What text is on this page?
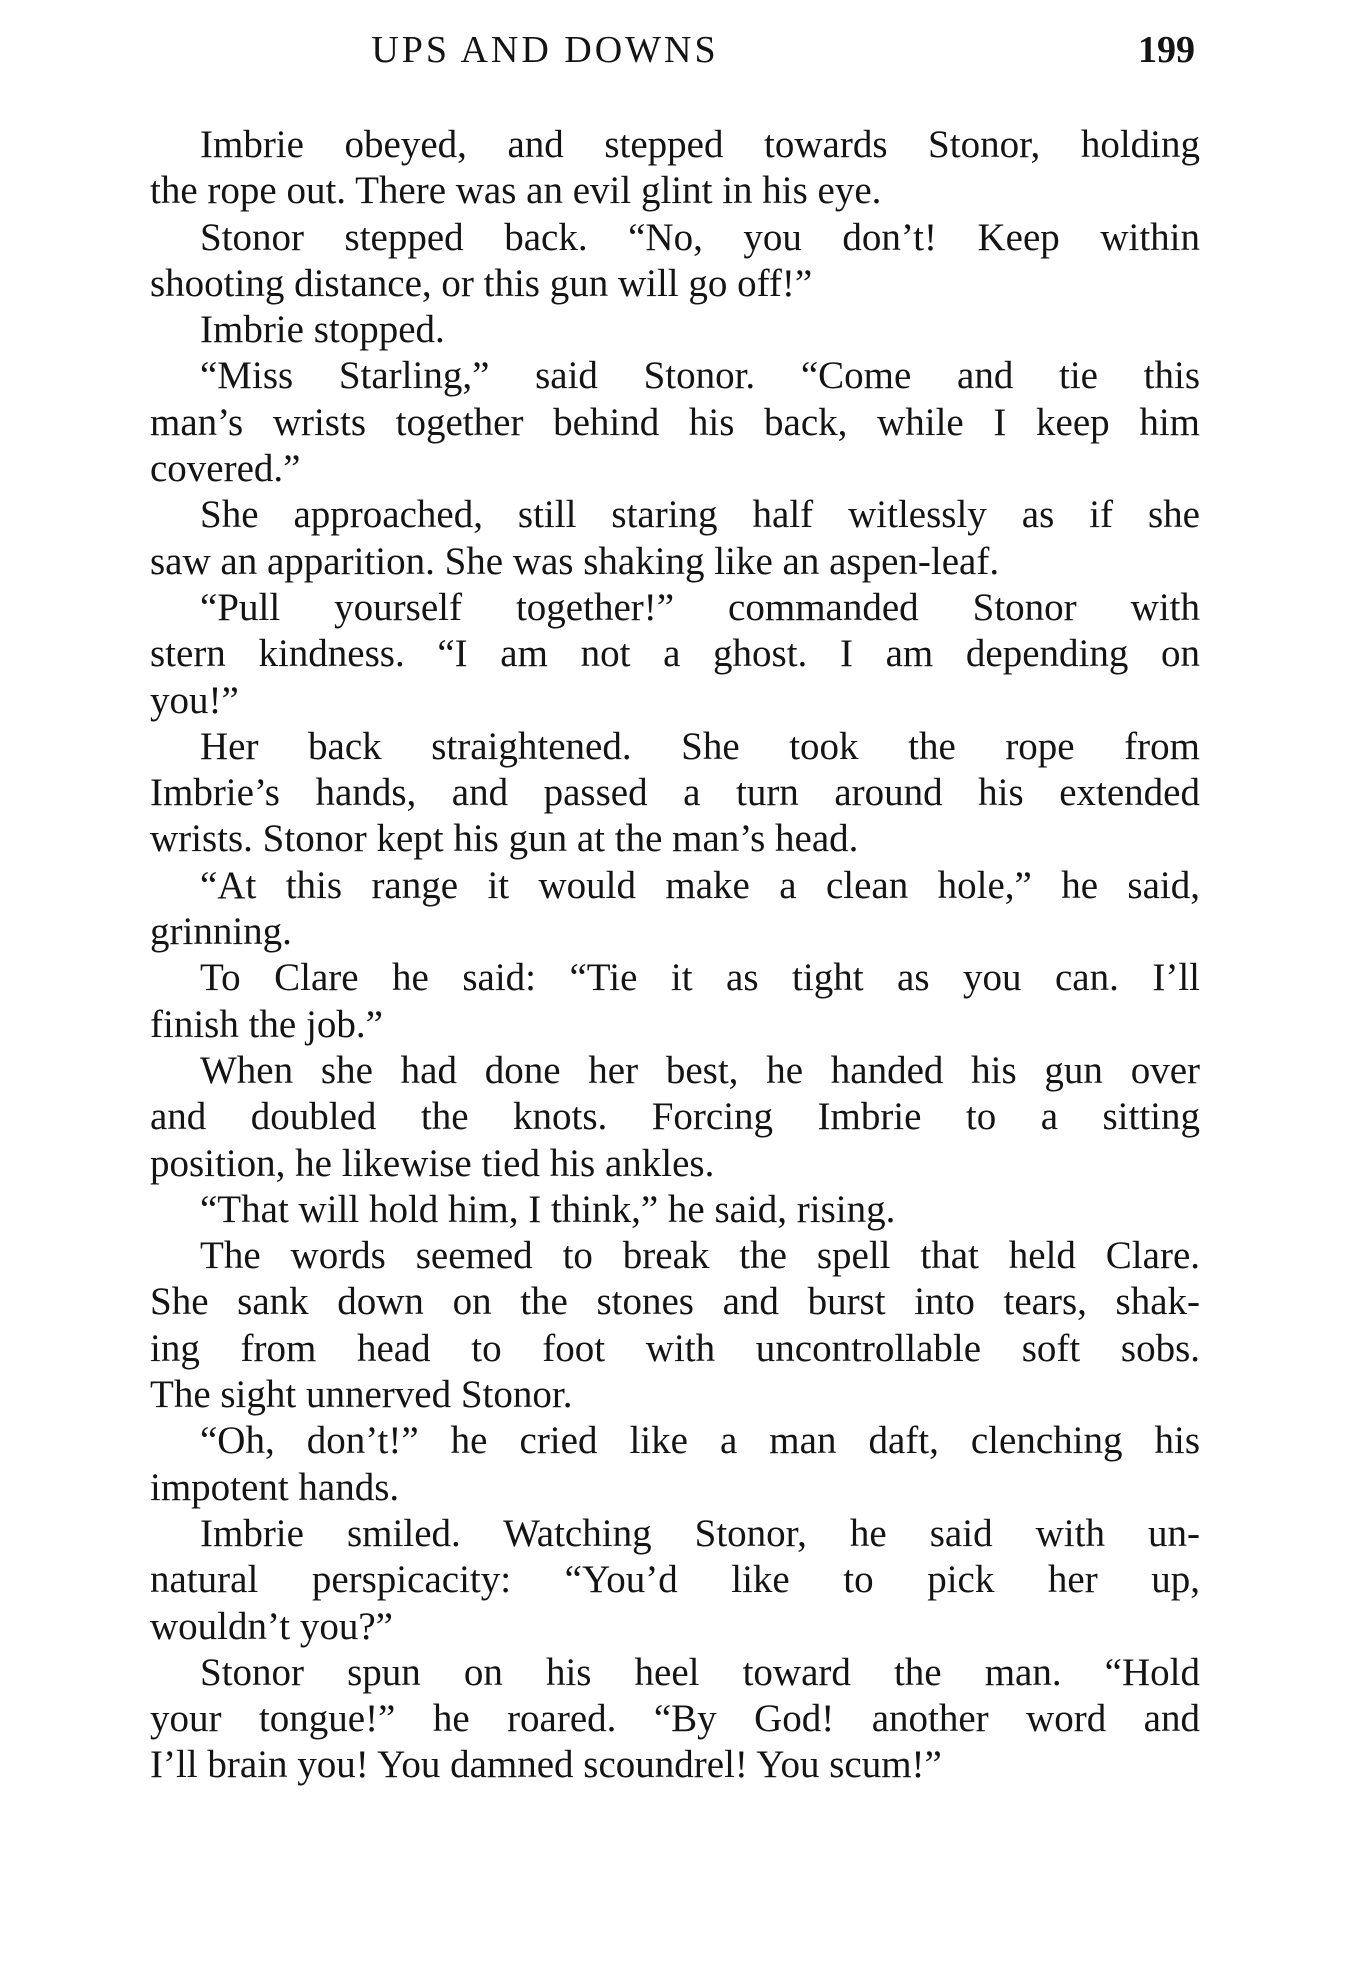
UPS AND DOWNS	199
Imbrie obeyed, and stepped towards Stonor, holding
the rope out. There was an evil glint in his eye.
Stonor stepped back. “No, you don’t! Keep within
shooting distance, or this gun will go off!”
Imbrie stopped.
“Miss Starling,” said Stonor. “Come and tie this
man’s wrists together behind his back, while I keep him
covered.”
She approached, still staring half witlessly as if she
saw an apparition. She was shaking like an aspen-leaf.
“Pull yourself together!” commanded Stonor with
stern kindness. “I am not a ghost. I am depending on
you!”
Her back straightened. She took the rope from
Imbrie’s hands, and passed a turn around his extended
wrists. Stonor kept his gun at the man’s head.
“At this range it would make a clean hole,” he said,
grinning.
To Clare he said: “Tie it as tight as you can. I’ll
finish the job.”
When she had done her best, he handed his gun over
and doubled the knots. Forcing Imbrie to a sitting
position, he likewise tied his ankles.
“That will hold him, I think,” he said, rising.
The words seemed to break the spell that held Clare.
She sank down on the stones and burst into tears, shak-
ing from head to foot with uncontrollable soft sobs.
The sight unnerved Stonor.
“Oh, don’t!” he cried like a man daft, clenching his
impotent hands.
Imbrie smiled. Watching Stonor, he said with un-
natural perspicacity: “You’d like to pick her up,
wouldn’t you?”
Stonor spun on his heel toward the man. “Hold
your tongue!” he roared. “By God! another word and
I’ll brain you! You damned scoundrel! You scum!”
